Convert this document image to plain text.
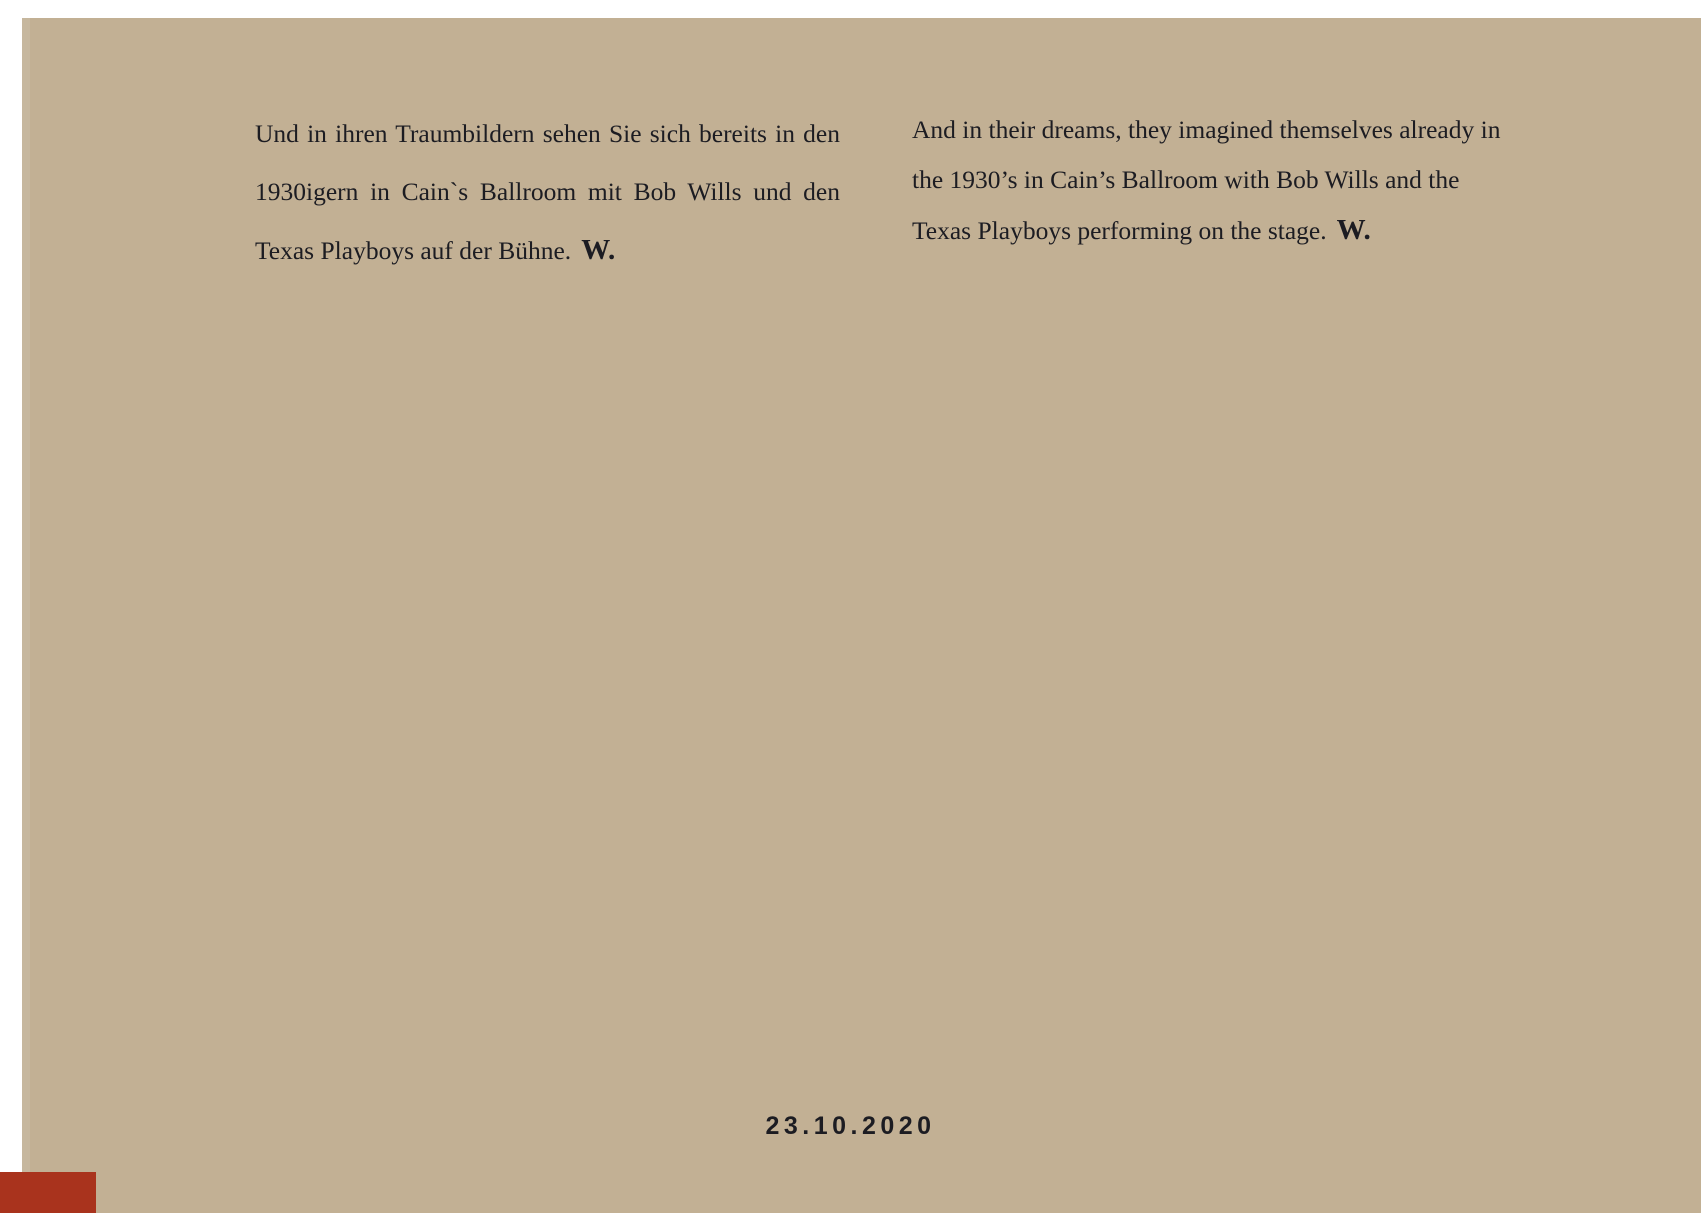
Und in ihren Traumbildern sehen Sie sich bereits in den 1930igern in Cain`s Ballroom mit Bob Wills und den Texas Playboys auf der Bühne. W.

And in their dreams, they imagined themselves already in the 1930’s in Cain’s Ballroom with Bob Wills and the Texas Playboys performing on the stage. W.

23.10.2020
